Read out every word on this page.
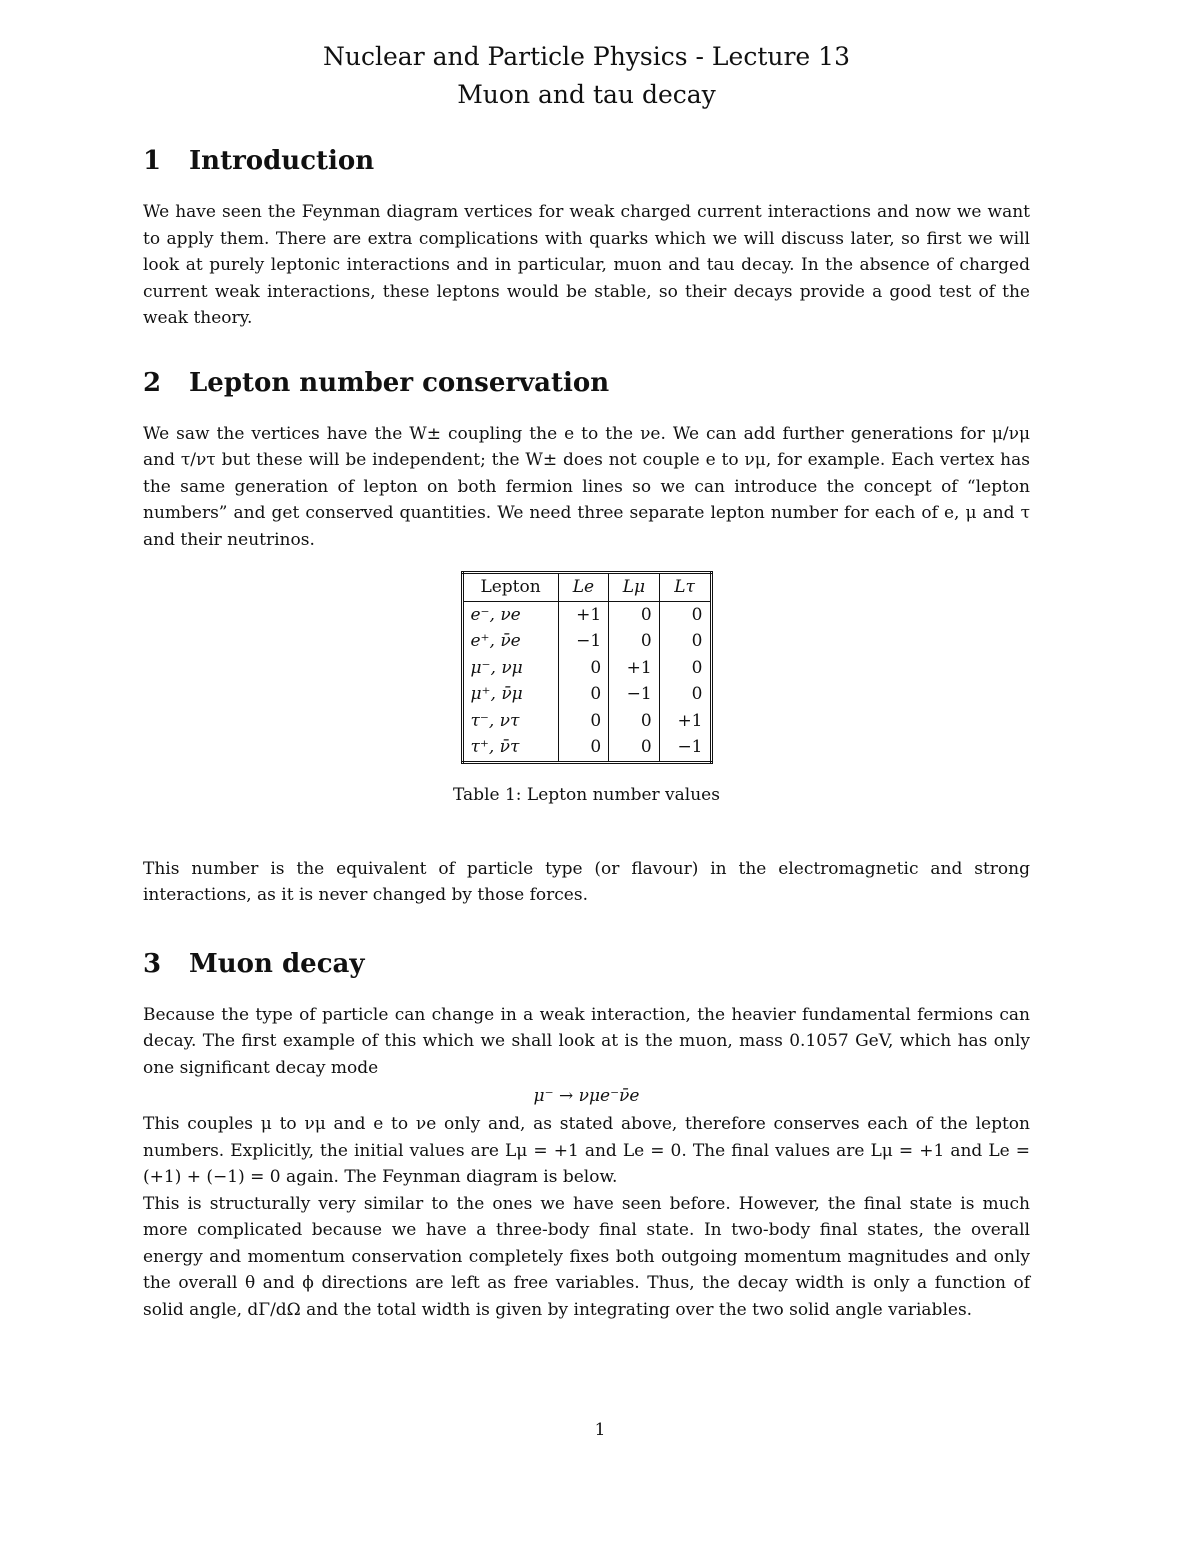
Nuclear and Particle Physics - Lecture 13
Muon and tau decay
1 Introduction

We have seen the Feynman diagram vertices for weak charged current interactions and now we want to apply them. There are extra complications with quarks which we will discuss later, so first we will look at purely leptonic interactions and in particular, muon and tau decay. In the absence of charged current weak interactions, these leptons would be stable, so their decays provide a good test of the weak theory.

2 Lepton number conservation

We saw the vertices have the W± coupling the e to the νe. We can add further generations for μ/νμ and τ/ντ but these will be independent; the W± does not couple e to νμ, for example. Each vertex has the same generation of lepton on both fermion lines so we can introduce the concept of “lepton numbers” and get conserved quantities. We need three separate lepton number for each of e, μ and τ and their neutrinos.

Lepton	Le	Lμ	Lτ
e⁻, νe	+1	0	0
e⁺, ν̄e	−1	0	0
μ⁻, νμ	0	+1	0
μ⁺, ν̄μ	0	−1	0
τ⁻, ντ	0	0	+1
τ⁺, ν̄τ	0	0	−1

Table 1: Lepton number values

This number is the equivalent of particle type (or flavour) in the electromagnetic and strong interactions, as it is never changed by those forces.

3 Muon decay

Because the type of particle can change in a weak interaction, the heavier fundamental fermions can decay. The first example of this which we shall look at is the muon, mass 0.1057 GeV, which has only one significant decay mode

μ⁻ → νμe⁻ν̄e

This couples μ to νμ and e to νe only and, as stated above, therefore conserves each of the lepton numbers. Explicitly, the initial values are Lμ = +1 and Le = 0. The final values are Lμ = +1 and Le = (+1) + (−1) = 0 again. The Feynman diagram is below.

This is structurally very similar to the ones we have seen before. However, the final state is much more complicated because we have a three-body final state. In two-body final states, the overall energy and momentum conservation completely fixes both outgoing momentum magnitudes and only the overall θ and ϕ directions are left as free variables. Thus, the decay width is only a function of solid angle, dΓ/dΩ and the total width is given by integrating over the two solid angle variables.

1
